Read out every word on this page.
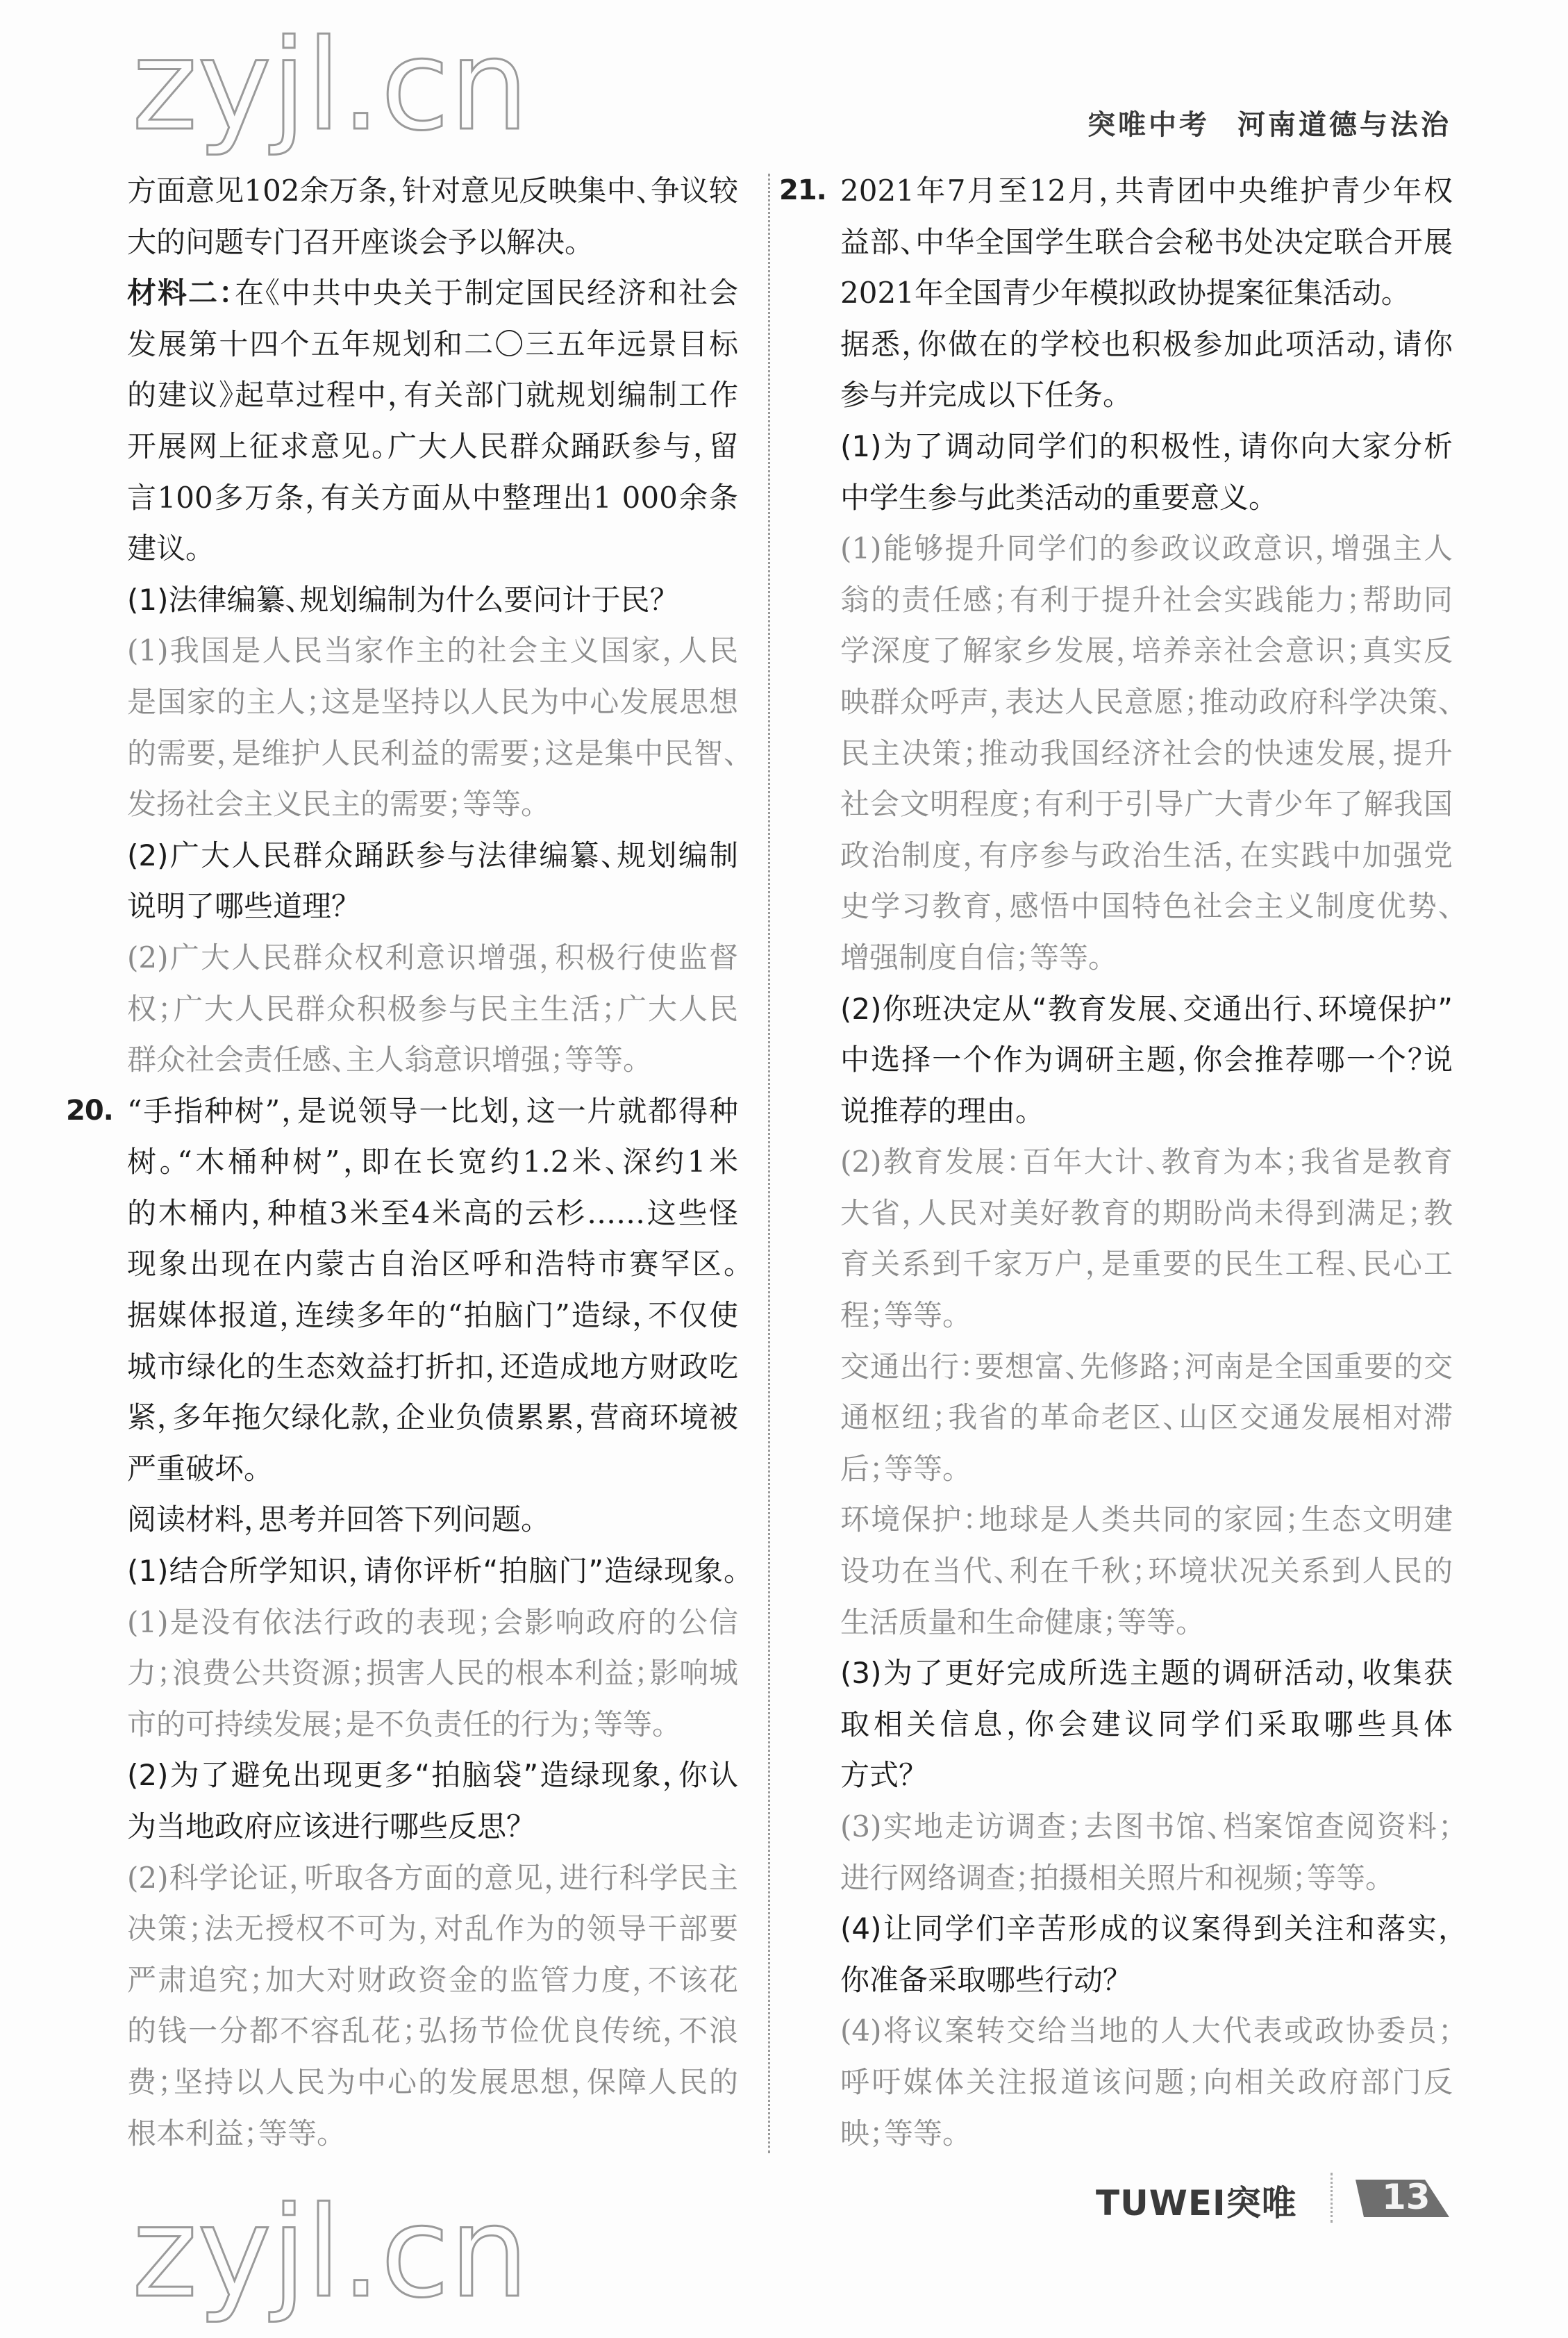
突唯中考 河南道德与法治
方面意见102余万条，针对意见反映集中、争议较
大的问题专门召开座谈会予以解决。
材料二：在《中共中央关于制定国民经济和社会
发展第十四个五年规划和二〇三五年远景目标
的建议》起草过程中，有关部门就规划编制工作
开展网上征求意见。广大人民群众踊跃参与，留
言100多万条，有关方面从中整理出1 000余条
建议。
(1)法律编纂、规划编制为什么要问计于民？
(1)我国是人民当家作主的社会主义国家，人民
是国家的主人；这是坚持以人民为中心发展思想
的需要，是维护人民利益的需要；这是集中民智、
发扬社会主义民主的需要；等等。
(2)广大人民群众踊跃参与法律编纂、规划编制
说明了哪些道理？
(2)广大人民群众权利意识增强，积极行使监督
权；广大人民群众积极参与民主生活；广大人民
群众社会责任感、主人翁意识增强；等等。
20. “手指种树”，是说领导一比划，这一片就都得种
树。“木桶种树”，即在长宽约1.2米、深约1米
的木桶内，种植3米至4米高的云杉……这些怪
现象出现在内蒙古自治区呼和浩特市赛罕区。
据媒体报道，连续多年的“拍脑门”造绿，不仅使
城市绿化的生态效益打折扣，还造成地方财政吃
紧，多年拖欠绿化款，企业负债累累，营商环境被
严重破坏。
阅读材料，思考并回答下列问题。
(1)结合所学知识，请你评析“拍脑门”造绿现象。
(1)是没有依法行政的表现；会影响政府的公信
力；浪费公共资源；损害人民的根本利益；影响城
市的可持续发展；是不负责任的行为；等等。
(2)为了避免出现更多“拍脑袋”造绿现象，你认
为当地政府应该进行哪些反思？
(2)科学论证，听取各方面的意见，进行科学民主
决策；法无授权不可为，对乱作为的领导干部要
严肃追究；加大对财政资金的监管力度，不该花
的钱一分都不容乱花；弘扬节俭优良传统，不浪
费；坚持以人民为中心的发展思想，保障人民的
根本利益；等等。
21. 2021年7月至12月，共青团中央维护青少年权
益部、中华全国学生联合会秘书处决定联合开展
2021年全国青少年模拟政协提案征集活动。
据悉，你做在的学校也积极参加此项活动，请你
参与并完成以下任务。
(1)为了调动同学们的积极性，请你向大家分析
中学生参与此类活动的重要意义。
(1)能够提升同学们的参政议政意识，增强主人
翁的责任感；有利于提升社会实践能力；帮助同
学深度了解家乡发展，培养亲社会意识；真实反
映群众呼声，表达人民意愿；推动政府科学决策、
民主决策；推动我国经济社会的快速发展，提升
社会文明程度；有利于引导广大青少年了解我国
政治制度，有序参与政治生活，在实践中加强党
史学习教育，感悟中国特色社会主义制度优势、
增强制度自信；等等。
(2)你班决定从“教育发展、交通出行、环境保护”
中选择一个作为调研主题，你会推荐哪一个？说
说推荐的理由。
(2)教育发展：百年大计、教育为本；我省是教育
大省，人民对美好教育的期盼尚未得到满足；教
育关系到千家万户，是重要的民生工程、民心工
程；等等。
交通出行：要想富、先修路；河南是全国重要的交
通枢纽；我省的革命老区、山区交通发展相对滞
后；等等。
环境保护：地球是人类共同的家园；生态文明建
设功在当代、利在千秋；环境状况关系到人民的
生活质量和生命健康；等等。
(3)为了更好完成所选主题的调研活动，收集获
取相关信息，你会建议同学们采取哪些具体
方式？
(3)实地走访调查；去图书馆、档案馆查阅资料；
进行网络调查；拍摄相关照片和视频；等等。
(4)让同学们辛苦形成的议案得到关注和落实，
你准备采取哪些行动？
(4)将议案转交给当地的人大代表或政协委员；
呼吁媒体关注报道该问题；向相关政府部门反
映；等等。
zyjl.cn
zyjl.cn	TUWEI突唯 13
